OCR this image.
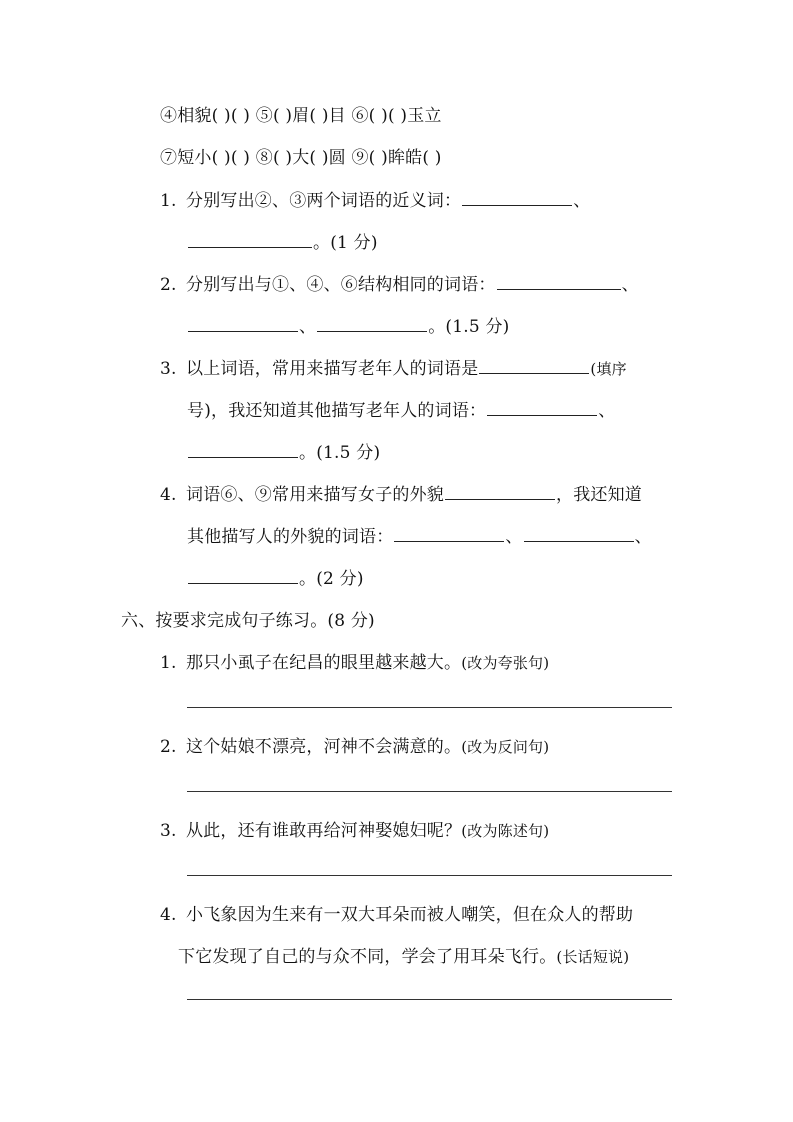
④相貌( )( ) ⑤( )眉( )目 ⑥( )( )玉立
⑦短小( )( ) ⑧( )大( )圆 ⑨( )眸皓( )
1. 分别写出②、③两个词语的近义词：	、
。(1 分)
2. 分别写出与①、④、⑥结构相同的词语：	、
、	。(1.5 分)
3. 以上词语，常用来描写老年人的词语是	(填序
号)，我还知道其他描写老年人的词语：	、
。(1.5 分)
4. 词语⑥、⑨常用来描写女子的外貌	，我还知道
其他描写人的外貌的词语：	、	、
。(2 分)
六、按要求完成句子练习。(8 分)
1. 那只小虱子在纪昌的眼里越来越大。(改为夸张句)
2. 这个姑娘不漂亮，河神不会满意的。(改为反问句)
3. 从此，还有谁敢再给河神娶媳妇呢？(改为陈述句)
4. 小飞象因为生来有一双大耳朵而被人嘲笑，但在众人的帮助
下它发现了自己的与众不同，学会了用耳朵飞行。(长话短说)
